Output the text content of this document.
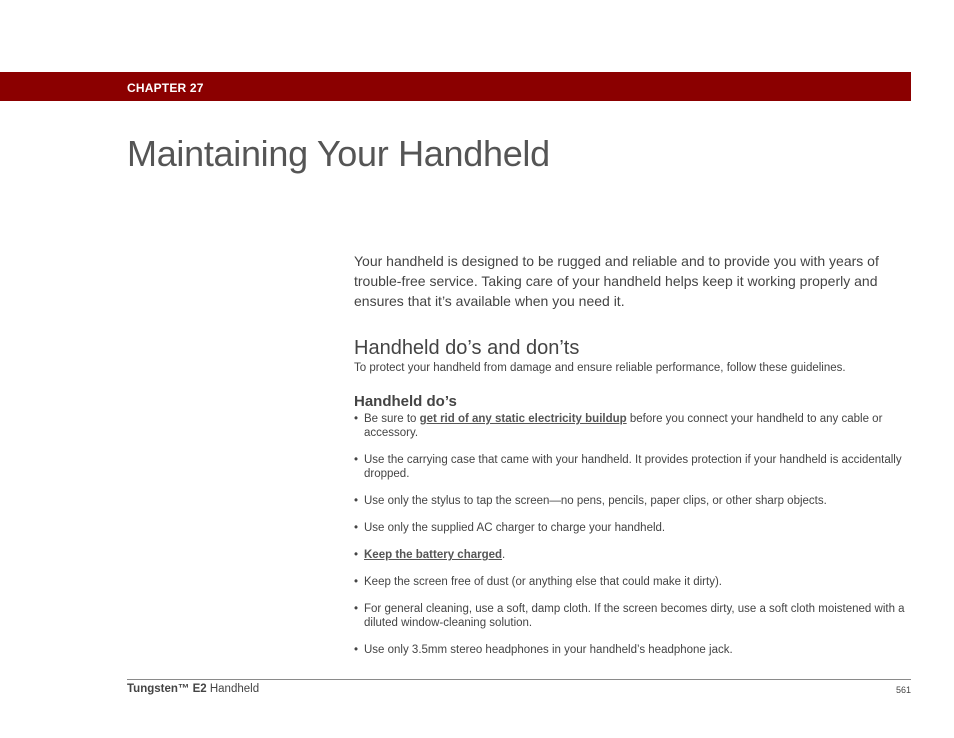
CHAPTER 27
Maintaining Your Handheld

Your handheld is designed to be rugged and reliable and to provide you with years of trouble-free service. Taking care of your handheld helps keep it working properly and ensures that it’s available when you need it.

Handheld do’s and don’ts

To protect your handheld from damage and ensure reliable performance, follow these guidelines.

Handheld do’s
• Be sure to get rid of any static electricity buildup before you connect your handheld to any cable or accessory.
• Use the carrying case that came with your handheld. It provides protection if your handheld is accidentally dropped.
• Use only the stylus to tap the screen—no pens, pencils, paper clips, or other sharp objects.
• Use only the supplied AC charger to charge your handheld.
• Keep the battery charged.
• Keep the screen free of dust (or anything else that could make it dirty).
• For general cleaning, use a soft, damp cloth. If the screen becomes dirty, use a soft cloth moistened with a diluted window-cleaning solution.
• Use only 3.5mm stereo headphones in your handheld’s headphone jack.
Tungsten™ E2 Handheld	561
